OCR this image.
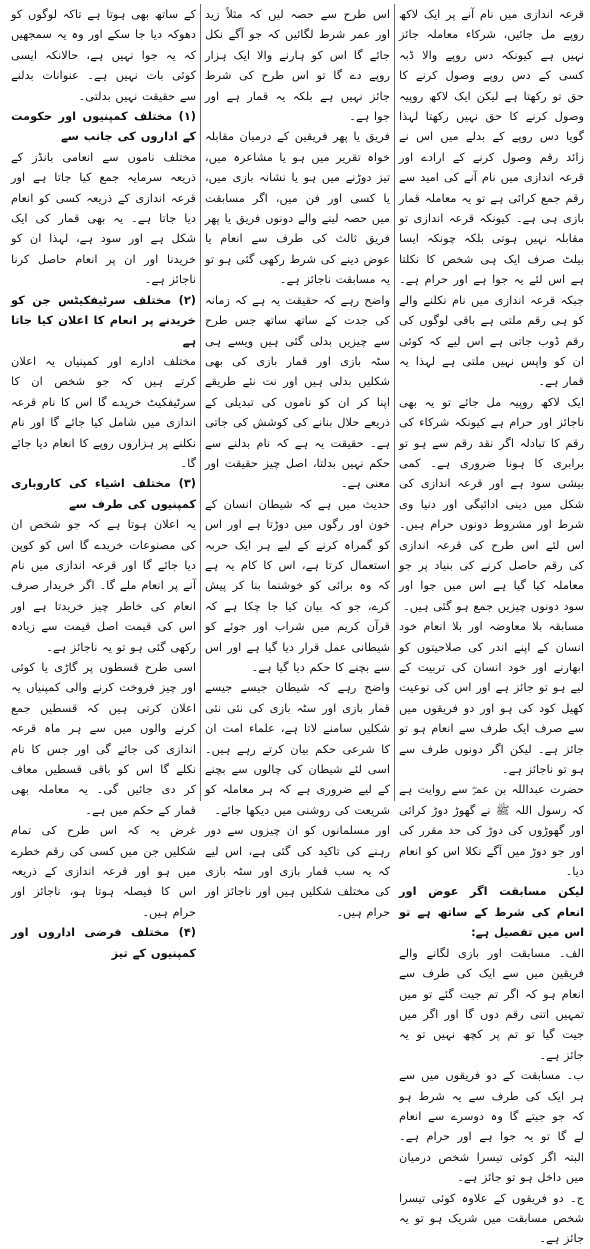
قرعہ اندازی میں نام آنے پر ایک لاکھ روپے مل جائیں، شرکاء معاملہ جائز نہیں ہے کیونکہ دس روپے والا ڈبہ کسی کے دس روپے وصول کرنے کا حق تو رکھتا ہے لیکن ایک لاکھ روپیہ وصول کرنے کا حق نہیں رکھتا لہذا گویا دس روپے کے بدلے میں اس نے زائد رقم وصول کرنے کے ارادے اور قرعہ اندازی میں نام آنے کی امید سے رقم جمع کرائی ہے تو یہ معاملہ قمار بازی ہی ہے۔ کیونکہ قرعہ اندازی تو مقابلہ نہیں ہوتی بلکہ چونکہ ایسا بیلٹ صرف ایک ہی شخص کا نکلتا ہے اس لئے یہ جوا ہے اور حرام ہے۔ جبکہ قرعہ اندازی میں نام نکلنے والے کو ہی رقم ملتی ہے باقی لوگوں کی رقم ڈوب جاتی ہے اس لیے کہ کوئی ان کو واپس نہیں ملتی ہے لہذا یہ قمار ہے۔

ایک لاکھ روپیہ مل جائے تو یہ بھی ناجائز اور حرام ہے کیونکہ شرکاء کی رقم کا تبادلہ اگر نقد رقم سے ہو تو برابری کا ہونا ضروری ہے۔ کمی بیشی سود ہے اور قرعہ اندازی کی شکل میں دینی ادائیگی اور دنیا وی شرط اور مشروط دونوں حرام ہیں۔ اس لئے اس طرح کی قرعہ اندازی کی رقم حاصل کرنے کی بنیاد پر جو معاملہ کیا گیا ہے اس میں جوا اور سود دونوں چیزیں جمع ہو گئی ہیں۔

مسابقہ بلا معاوضہ اور بلا انعام خود انسان کے اپنے اندر کی صلاحیتوں کو ابھارنے اور خود انسان کی تربیت کے لیے ہو تو جائز ہے اور اس کی نوعیت کھیل کود کی ہو اور دو فریقوں میں سے صرف ایک طرف سے انعام ہو تو جائز ہے۔ لیکن اگر دونوں طرف سے ہو تو ناجائز ہے۔

حضرت عبداللہ بن عمرؓ سے روایت ہے کہ رسول اللہ ﷺ نے گھوڑ دوڑ کرائی اور گھوڑوں کی دوڑ کی حد مقرر کی اور جو دوڑ میں آگے نکلا اس کو انعام دیا۔

لیکن مسابقت اگر عوض اور انعام کی شرط کے ساتھ ہے تو اس میں تفصیل ہے:

الف۔ مسابقت اور بازی لگانے والے فریقین میں سے ایک کی طرف سے انعام ہو کہ اگر تم جیت گئے تو میں تمہیں اتنی رقم دوں گا اور اگر میں جیت گیا تو تم پر کچھ نہیں تو یہ جائز ہے۔

ب۔ مسابقت کے دو فریقوں میں سے ہر ایک کی طرف سے یہ شرط ہو کہ جو جیتے گا وہ دوسرے سے انعام لے گا تو یہ جوا ہے اور حرام ہے۔ البتہ اگر کوئی تیسرا شخص درمیان میں داخل ہو تو جائز ہے۔

ج۔ دو فریقوں کے علاوہ کوئی تیسرا شخص مسابقت میں شریک ہو تو یہ جائز ہے۔

اس طرح سے حصہ لیں کہ مثلاً زید اور عمر شرط لگائیں کہ جو آگے نکل جائے گا اس کو ہارنے والا ایک ہزار روپے دے گا تو اس طرح کی شرط جائز نہیں ہے بلکہ یہ قمار ہے اور جوا ہے۔

فریق یا پھر فریقین کے درمیان مقابلہ خواہ تقریر میں ہو یا مشاعرہ میں، تیز دوڑنے میں ہو یا نشانہ بازی میں، یا کسی اور فن میں، اگر مسابقت میں حصہ لینے والے دونوں فریق یا پھر فریق ثالث کی طرف سے انعام یا عوض دینے کی شرط رکھی گئی ہو تو یہ مسابقت ناجائز ہے۔

واضح رہے کہ حقیقت یہ ہے کہ زمانہ کی جدت کے ساتھ ساتھ جس طرح سے چیزیں بدلی گئی ہیں ویسے ہی سٹہ بازی اور قمار بازی کی بھی شکلیں بدلی ہیں اور نت نئے طریقے اپنا کر ان کو ناموں کی تبدیلی کے ذریعے حلال بنانے کی کوشش کی جاتی ہے۔ حقیقت یہ ہے کہ نام بدلنے سے حکم نہیں بدلتا، اصل چیز حقیقت اور معنی ہے۔

حدیث میں ہے کہ شیطان انسان کے خون اور رگوں میں دوڑتا ہے اور اس کو گمراہ کرنے کے لیے ہر ایک حربہ استعمال کرتا ہے، اس کا کام یہ ہے کہ وہ برائی کو خوشنما بنا کر پیش کرے، جو کہ بیان کیا جا چکا ہے کہ قرآن کریم میں شراب اور جوئے کو شیطانی عمل قرار دیا گیا ہے اور اس سے بچنے کا حکم دیا گیا ہے۔

واضح رہے کہ شیطان جیسے جیسے قمار بازی اور سٹہ بازی کی نئی نئی شکلیں سامنے لاتا ہے، علماء امت ان کا شرعی حکم بیان کرتے رہے ہیں۔ اسی لئے شیطان کی چالوں سے بچنے کے لیے ضروری ہے کہ ہر معاملہ کو شریعت کی روشنی میں دیکھا جائے۔

اور مسلمانوں کو ان چیزوں سے دور رہنے کی تاکید کی گئی ہے، اس لیے کہ یہ سب قمار بازی اور سٹہ بازی کی مختلف شکلیں ہیں اور ناجائز اور حرام ہیں۔

کے ساتھ بھی ہوتا ہے تاکہ لوگوں کو دھوکہ دیا جا سکے اور وہ یہ سمجھیں کہ یہ جوا نہیں ہے، حالانکہ ایسی کوئی بات نہیں ہے۔ عنوانات بدلنے سے حقیقت نہیں بدلتی۔

(۱) مختلف کمپنیوں اور حکومت کے اداروں کی جانب سے

مختلف ناموں سے انعامی بانڈز کے ذریعہ سرمایہ جمع کیا جاتا ہے اور قرعہ اندازی کے ذریعہ کسی کو انعام دیا جاتا ہے۔ یہ بھی قمار کی ایک شکل ہے اور سود ہے، لہذا ان کو خریدنا اور ان پر انعام حاصل کرنا ناجائز ہے۔

(۲) مختلف سرٹیفکیٹس جن کو خریدنے پر انعام کا اعلان کیا جاتا ہے

مختلف ادارے اور کمپنیاں یہ اعلان کرتے ہیں کہ جو شخص ان کا سرٹیفکیٹ خریدے گا اس کا نام قرعہ اندازی میں شامل کیا جائے گا اور نام نکلنے پر ہزاروں روپے کا انعام دیا جائے گا۔

(۳) مختلف اشیاء کی کاروباری کمپنیوں کی طرف سے

یہ اعلان ہوتا ہے کہ جو شخص ان کی مصنوعات خریدے گا اس کو کوپن دیا جائے گا اور قرعہ اندازی میں نام آنے پر انعام ملے گا۔ اگر خریدار صرف انعام کی خاطر چیز خریدتا ہے اور اس کی قیمت اصل قیمت سے زیادہ رکھی گئی ہو تو یہ ناجائز ہے۔

اسی طرح قسطوں پر گاڑی یا کوئی اور چیز فروخت کرنے والی کمپنیاں یہ اعلان کرتی ہیں کہ قسطیں جمع کرنے والوں میں سے ہر ماہ قرعہ اندازی کی جائے گی اور جس کا نام نکلے گا اس کو باقی قسطیں معاف کر دی جائیں گی۔ یہ معاملہ بھی قمار کے حکم میں ہے۔

غرض یہ کہ اس طرح کی تمام شکلیں جن میں کسی کی رقم خطرے میں ہو اور قرعہ اندازی کے ذریعہ اس کا فیصلہ ہوتا ہو، ناجائز اور حرام ہیں۔

(۴) مختلف فرضی اداروں اور کمپنیوں کے تیز
